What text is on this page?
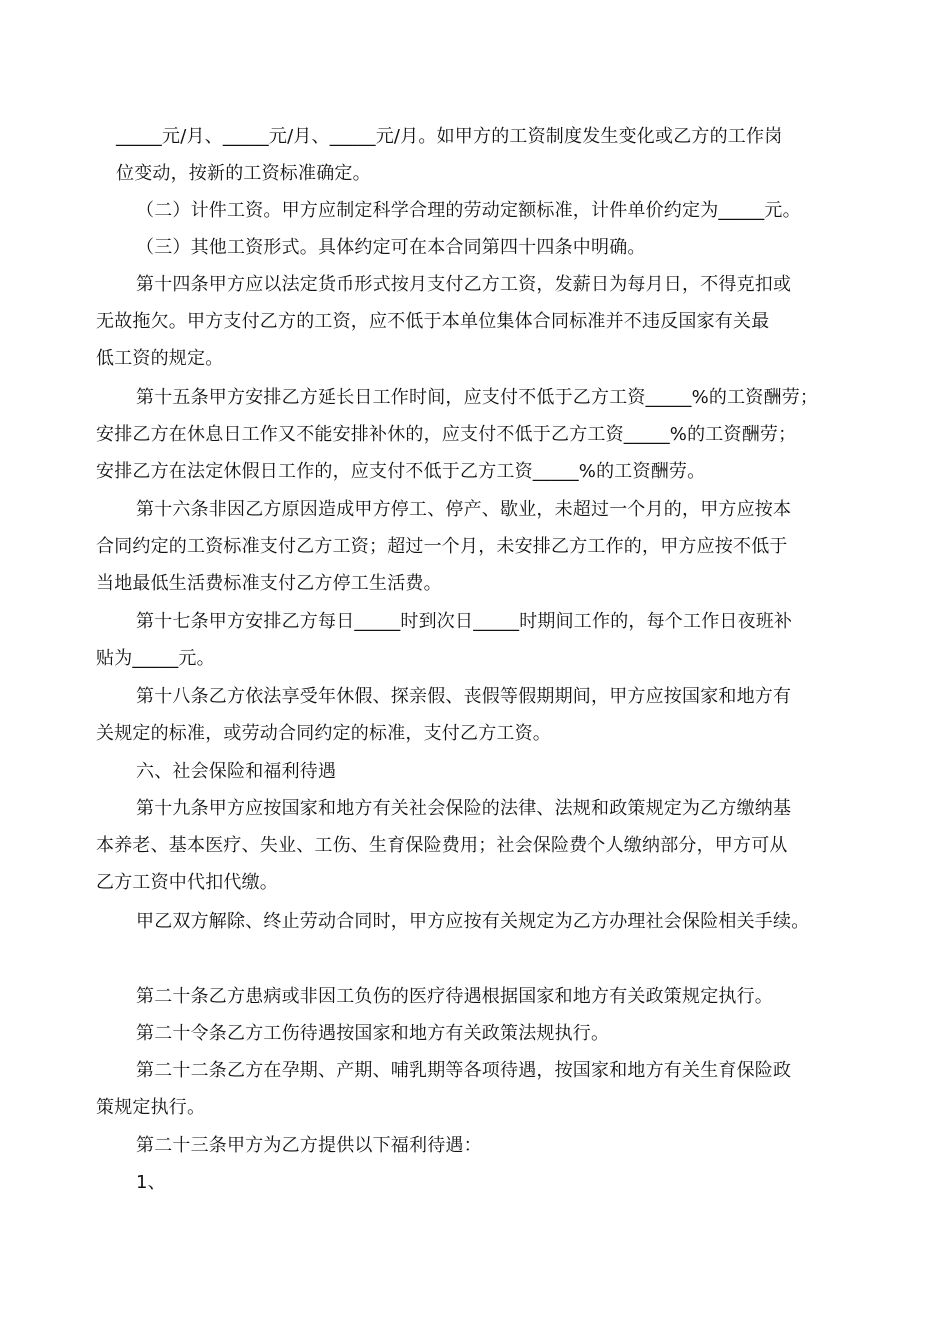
_____元/月、_____元/月、_____元/月。如甲方的工资制度发生变化或乙方的工作岗
位变动，按新的工资标准确定。
（二）计件工资。甲方应制定科学合理的劳动定额标准，计件单价约定为_____元。
（三）其他工资形式。具体约定可在本合同第四十四条中明确。
第十四条甲方应以法定货币形式按月支付乙方工资，发薪日为每月日，不得克扣或
无故拖欠。甲方支付乙方的工资，应不低于本单位集体合同标准并不违反国家有关最
低工资的规定。
第十五条甲方安排乙方延长日工作时间，应支付不低于乙方工资_____%的工资酬劳；
安排乙方在休息日工作又不能安排补休的，应支付不低于乙方工资_____%的工资酬劳；
安排乙方在法定休假日工作的，应支付不低于乙方工资_____%的工资酬劳。
第十六条非因乙方原因造成甲方停工、停产、歇业，未超过一个月的，甲方应按本
合同约定的工资标准支付乙方工资；超过一个月，未安排乙方工作的，甲方应按不低于
当地最低生活费标准支付乙方停工生活费。
第十七条甲方安排乙方每日_____时到次日_____时期间工作的，每个工作日夜班补
贴为_____元。
第十八条乙方依法享受年休假、探亲假、丧假等假期期间，甲方应按国家和地方有
关规定的标准，或劳动合同约定的标准，支付乙方工资。
六、社会保险和福利待遇
第十九条甲方应按国家和地方有关社会保险的法律、法规和政策规定为乙方缴纳基
本养老、基本医疗、失业、工伤、生育保险费用；社会保险费个人缴纳部分，甲方可从
乙方工资中代扣代缴。
甲乙双方解除、终止劳动合同时，甲方应按有关规定为乙方办理社会保险相关手续。
第二十条乙方患病或非因工负伤的医疗待遇根据国家和地方有关政策规定执行。
第二十令条乙方工伤待遇按国家和地方有关政策法规执行。
第二十二条乙方在孕期、产期、哺乳期等各项待遇，按国家和地方有关生育保险政
策规定执行。
第二十三条甲方为乙方提供以下福利待遇：
1、
